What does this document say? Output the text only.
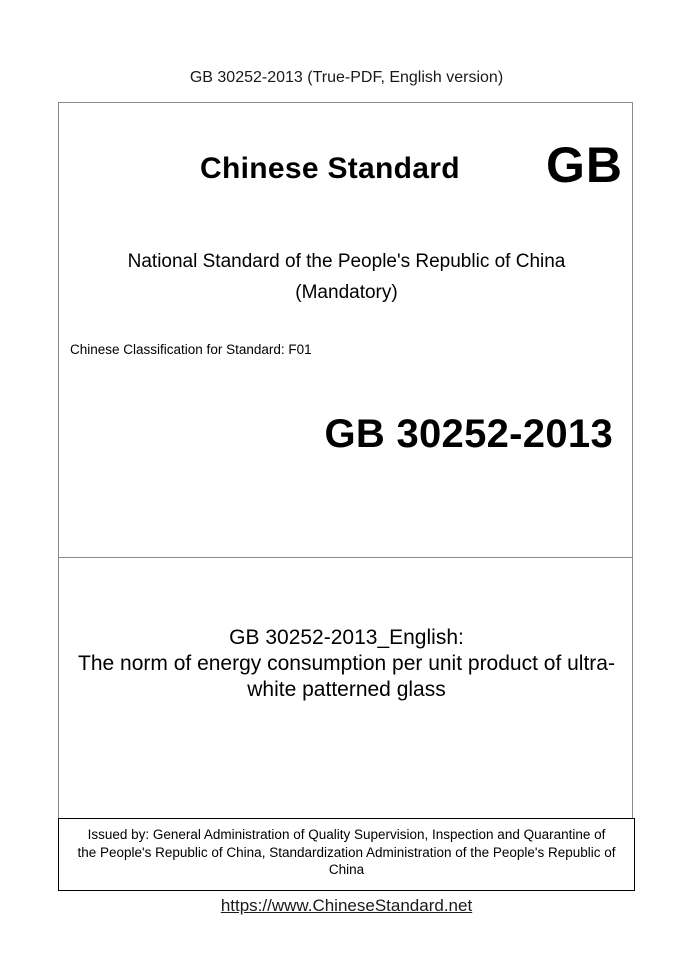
GB 30252-2013 (True-PDF, English version)
Chinese Standard GB
National Standard of the People's Republic of China
(Mandatory)
Chinese Classification for Standard: F01
GB 30252-2013
GB 30252-2013_English:
The norm of energy consumption per unit product of ultra-
white patterned glass
Issued by: General Administration of Quality Supervision, Inspection and Quarantine of
the People's Republic of China, Standardization Administration of the People's Republic of
China
https://www.ChineseStandard.net
